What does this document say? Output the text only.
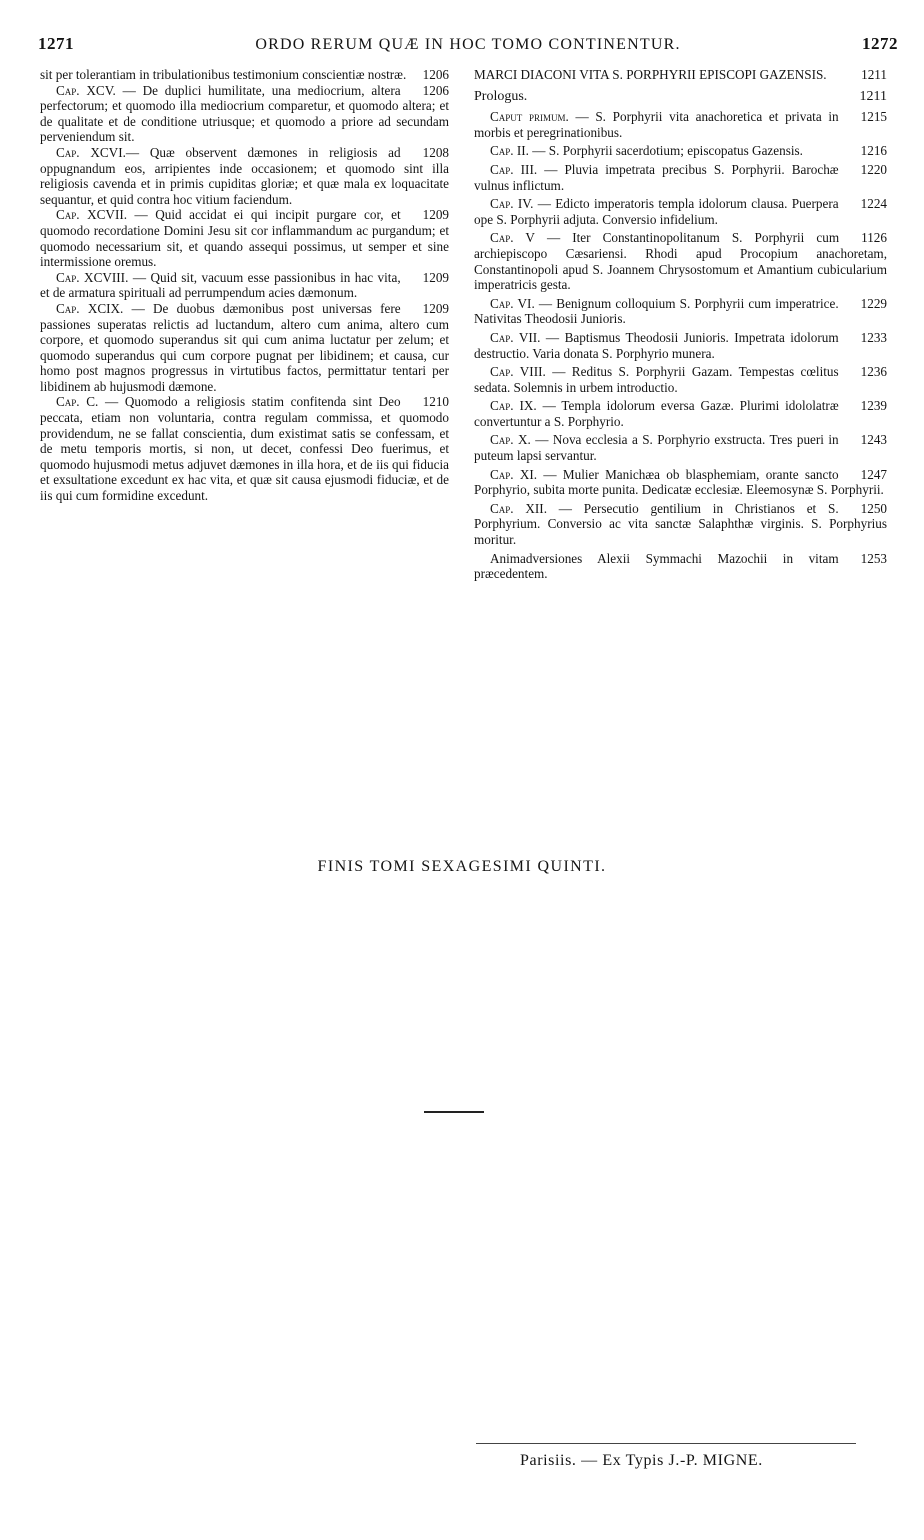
1271	ORDO RERUM QUÆ IN HOC TOMO CONTINENTUR.	1272
1206
sit per tolerantiam in tribulationibus testimonium conscientiæ nostræ.
1206
Cap. XCV. — De duplici humilitate, una mediocrium, altera perfectorum; et quomodo illa mediocrium comparetur, et quomodo altera; et de qualitate et de conditione utriusque; et quomodo a priore ad secundam perveniendum sit.
1208
Cap. XCVI.— Quæ observent dæmones in religiosis ad oppugnandum eos, arripientes inde occasionem; et quomodo sint illa religiosis cavenda et in primis cupiditas gloriæ; et quæ mala ex loquacitate sequantur, et quid contra hoc vitium faciendum.
1209
Cap. XCVII. — Quid accidat ei qui incipit purgare cor, et quomodo recordatione Domini Jesu sit cor inflammandum ac purgandum; et quomodo necessarium sit, et quando assequi possimus, ut semper et sine intermissione oremus.
1209
Cap. XCVIII. — Quid sit, vacuum esse passionibus in hac vita, et de armatura spirituali ad perrumpendum acies dæmonum.
1209
Cap. XCIX. — De duobus dæmonibus post universas fere passiones superatas relictis ad luctandum, altero cum anima, altero cum corpore, et quomodo superandus sit qui cum anima luctatur per zelum; et quomodo superandus qui cum corpore pugnat per libidinem; et causa, cur homo post magnos progressus in virtutibus factos, permittatur tentari per libidinem ab hujusmodi dæmone.
1210
Cap. C. — Quomodo a religiosis statim confitenda sint Deo peccata, etiam non voluntaria, contra regulam commissa, et quomodo providendum, ne se fallat conscientia, dum existimat satis se confessam, et de metu temporis mortis, si non, ut decet, confessi Deo fuerimus, et quomodo hujusmodi metus adjuvet dæmones in illa hora, et de iis qui fiducia et exsultatione excedunt ex hac vita, et quæ sit causa ejusmodi fiduciæ, et de iis qui cum formidine excedunt.
1211
MARCI DIACONI VITA S. PORPHYRII EPISCOPI GAZENSIS.
1211
Prologus.
1215
Caput primum. — S. Porphyrii vita anachoretica et privata in morbis et peregrinationibus.
1216
Cap. II. — S. Porphyrii sacerdotium; episcopatus Gazensis.
1220
Cap. III. — Pluvia impetrata precibus S. Porphyrii. Barochæ vulnus inflictum.
1224
Cap. IV. — Edicto imperatoris templa idolorum clausa. Puerpera ope S. Porphyrii adjuta. Conversio infidelium.
1126
Cap. V — Iter Constantinopolitanum S. Porphyrii cum archiepiscopo Cæsariensi. Rhodi apud Procopium anachoretam, Constantinopoli apud S. Joannem Chrysostomum et Amantium cubicularium imperatricis gesta.
1229
Cap. VI. — Benignum colloquium S. Porphyrii cum imperatrice. Nativitas Theodosii Junioris.
1233
Cap. VII. — Baptismus Theodosii Junioris. Impetrata idolorum destructio. Varia donata S. Porphyrio munera.
1236
Cap. VIII. — Reditus S. Porphyrii Gazam. Tempestas cœlitus sedata. Solemnis in urbem introductio.
1239
Cap. IX. — Templa idolorum eversa Gazæ. Plurimi idololatræ convertuntur a S. Porphyrio.
1243
Cap. X. — Nova ecclesia a S. Porphyrio exstructa. Tres pueri in puteum lapsi servantur.
1247
Cap. XI. — Mulier Manichæa ob blasphemiam, orante sancto Porphyrio, subita morte punita. Dedicatæ ecclesiæ. Eleemosynæ S. Porphyrii.
1250
Cap. XII. — Persecutio gentilium in Christianos et S. Porphyrium. Conversio ac vita sanctæ Salaphthæ virginis. S. Porphyrius moritur.
1253
Animadversiones Alexii Symmachi Mazochii in vitam præcedentem.
FINIS TOMI SEXAGESIMI QUINTI.
Parisiis. — Ex Typis J.-P. MIGNE.
